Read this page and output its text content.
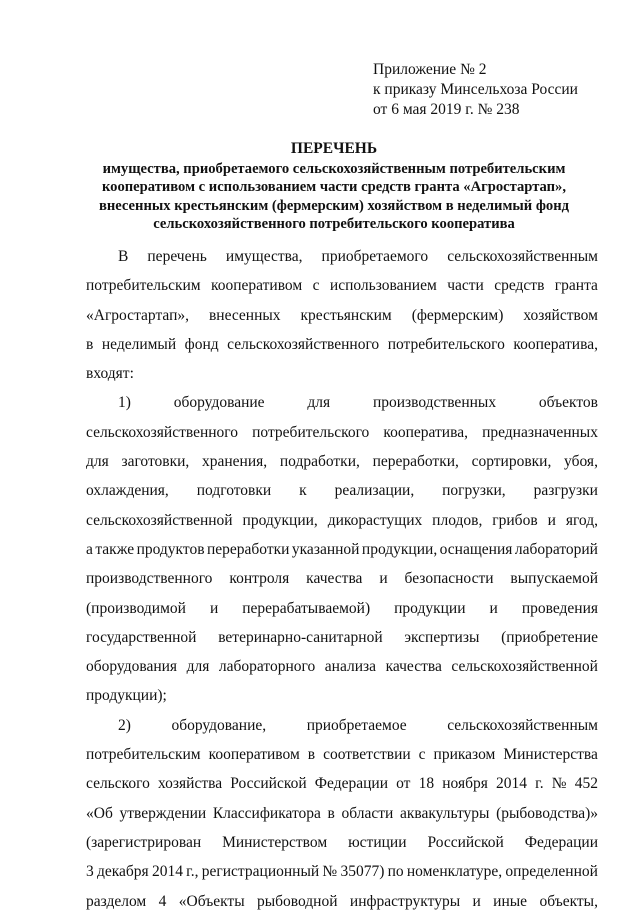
Приложение № 2
к приказу Минсельхоза России
от 6 мая 2019 г. № 238
ПЕРЕЧЕНЬ
имущества, приобретаемого сельскохозяйственным потребительским
кооперативом с использованием части средств гранта «Агростартап»,
внесенных крестьянским (фермерским) хозяйством в неделимый фонд
сельскохозяйственного потребительского кооператива
В перечень имущества, приобретаемого сельскохозяйственным
потребительским кооперативом с использованием части средств гранта
«Агростартап», внесенных крестьянским (фермерским) хозяйством
в неделимый фонд сельскохозяйственного потребительского кооператива,
входят:
1)	оборудование	для	производственных	объектов
сельскохозяйственного потребительского кооператива, предназначенных
для заготовки, хранения, подработки, переработки, сортировки, убоя,
охлаждения, подготовки к реализации, погрузки, разгрузки
сельскохозяйственной продукции, дикорастущих плодов, грибов и ягод,
а также продуктов переработки указанной продукции, оснащения лабораторий
производственного контроля качества и безопасности выпускаемой
(производимой и перерабатываемой) продукции и проведения
государственной ветеринарно-санитарной экспертизы (приобретение
оборудования для лабораторного анализа качества сельскохозяйственной
продукции);
2)	оборудование,	приобретаемое	сельскохозяйственным
потребительским кооперативом в соответствии с приказом Министерства
сельского хозяйства Российской Федерации от 18 ноября 2014 г. № 452
«Об утверждении Классификатора в области аквакультуры (рыбоводства)»
(зарегистрирован Министерством юстиции Российской Федерации
3 декабря 2014 г., регистрационный № 35077) по номенклатуре, определенной
разделом 4 «Объекты рыбоводной инфраструктуры и иные объекты,
